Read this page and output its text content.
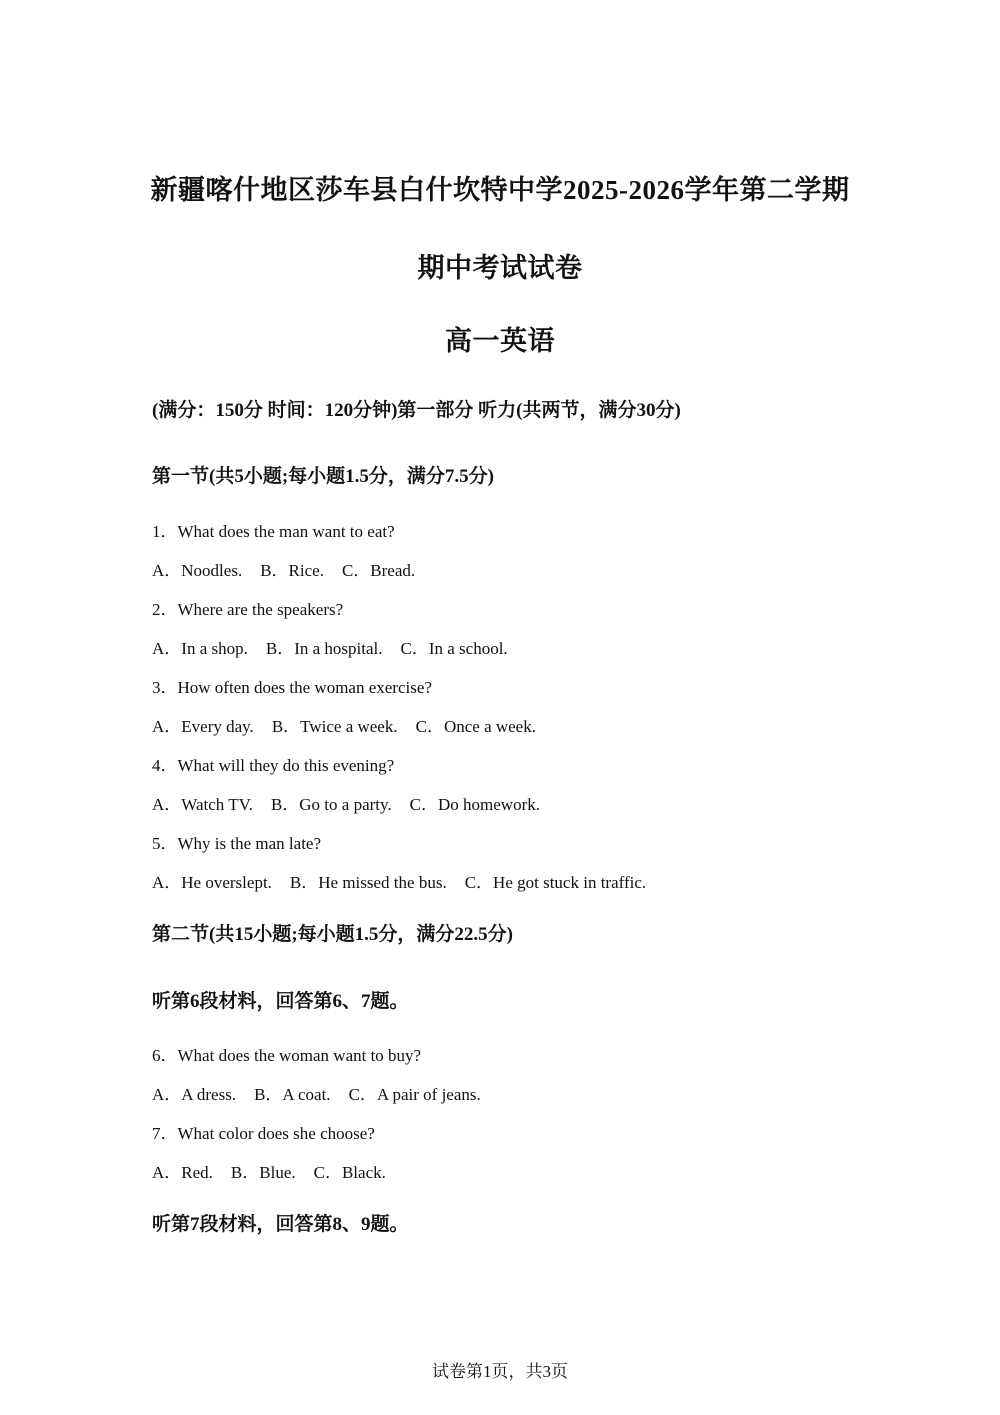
新疆喀什地区莎车县白什坎特中学2025-2026学年第二学期
期中考试试卷
高一英语
(满分：150分 时间：120分钟)第一部分 听力(共两节，满分30分)
第一节(共5小题;每小题1.5分，满分7.5分)
1．What does the man want to eat?
A．Noodles. B．Rice. C．Bread.
2．Where are the speakers?
A．In a shop. B．In a hospital. C．In a school.
3．How often does the woman exercise?
A．Every day. B．Twice a week. C．Once a week.
4．What will they do this evening?
A．Watch TV. B．Go to a party. C．Do homework.
5．Why is the man late?
A．He overslept. B．He missed the bus. C．He got stuck in traffic.
第二节(共15小题;每小题1.5分，满分22.5分)
听第6段材料，回答第6、7题。
6．What does the woman want to buy?
A．A dress. B．A coat. C．A pair of jeans.
7．What color does she choose?
A．Red. B．Blue. C．Black.
听第7段材料，回答第8、9题。
试卷第1页，共3页
